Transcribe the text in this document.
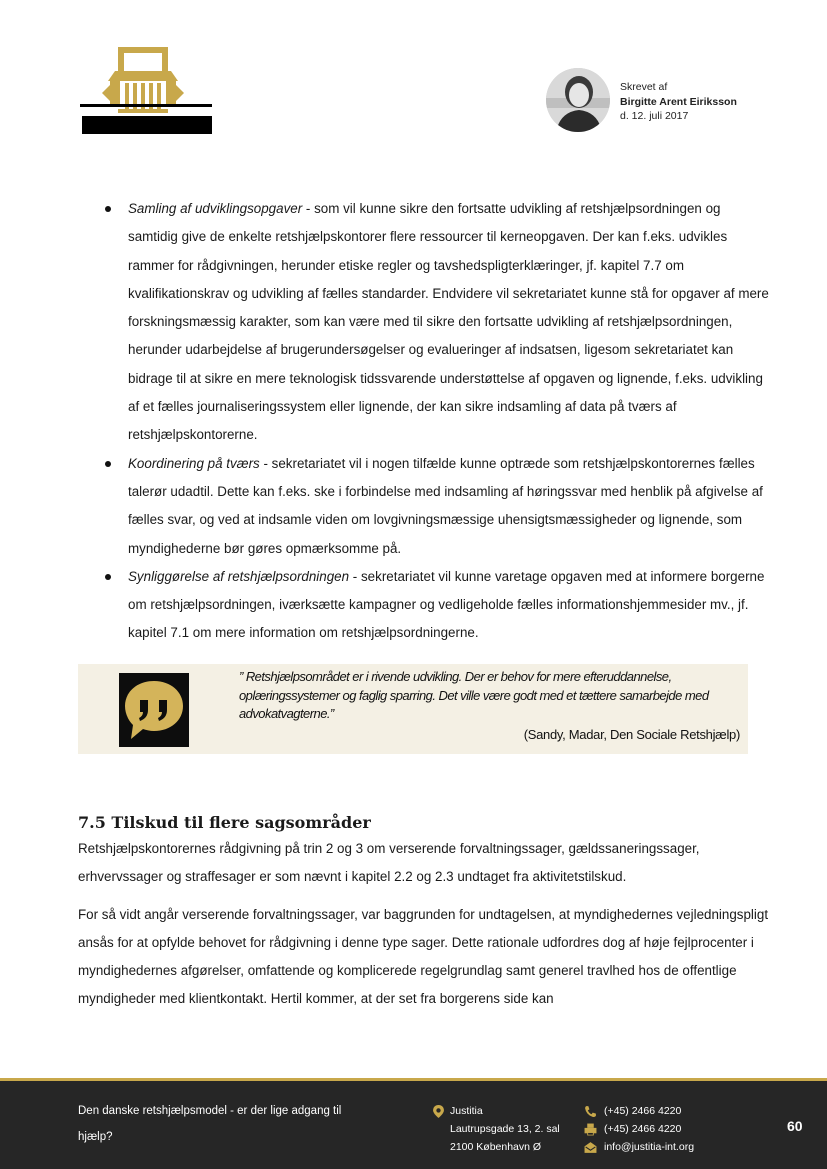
Skrevet af
Birgitte Arent Eiriksson
d. 12. juli 2017
Samling af udviklingsopgaver - som vil kunne sikre den fortsatte udvikling af retshjælpsordningen og samtidig give de enkelte retshjælpskontorer flere ressourcer til kerneopgaven. Der kan f.eks. udvikles rammer for rådgivningen, herunder etiske regler og tavshedspligterklæringer, jf. kapitel 7.7 om kvalifikationskrav og udvikling af fælles standarder. Endvidere vil sekretariatet kunne stå for opgaver af mere forskningsmæssig karakter, som kan være med til sikre den fortsatte udvikling af retshjælpsordningen, herunder udarbejdelse af brugerundersøgelser og evalueringer af indsatsen, ligesom sekretariatet kan bidrage til at sikre en mere teknologisk tidssvarende understøttelse af opgaven og lignende, f.eks. udvikling af et fælles journaliseringssystem eller lignende, der kan sikre indsamling af data på tværs af retshjælpskontorerne.
Koordinering på tværs - sekretariatet vil i nogen tilfælde kunne optræde som retshjælpskontorernes fælles talerør udadtil. Dette kan f.eks. ske i forbindelse med indsamling af høringssvar med henblik på afgivelse af fælles svar, og ved at indsamle viden om lovgivningsmæssige uhensigtsmæssigheder og lignende, som myndighederne bør gøres opmærksomme på.
Synliggørelse af retshjælpsordningen - sekretariatet vil kunne varetage opgaven med at informere borgerne om retshjælpsordningen, iværksætte kampagner og vedligeholde fælles informationshjemmesider mv., jf. kapitel 7.1 om mere information om retshjælpsordningerne.
” Retshjælpsområdet er i rivende udvikling. Der er behov for mere efteruddannelse, oplæringssystemer og faglig sparring. Det ville være godt med et tættere samarbejde med advokatvagterne.”
(Sandy, Madar, Den Sociale Retshjælp)
7.5 Tilskud til flere sagsområder

Retshjælpskontorernes rådgivning på trin 2 og 3 om verserende forvaltningssager, gældssaneringssager, erhvervssager og straffesager er som nævnt i kapitel 2.2 og 2.3 undtaget fra aktivitetstilskud.

For så vidt angår verserende forvaltningssager, var baggrunden for undtagelsen, at myndighedernes vejledningspligt ansås for at opfylde behovet for rådgivning i denne type sager. Dette rationale udfordres dog af høje fejlprocenter i myndighedernes afgørelser, omfattende og komplicerede regelgrundlag samt generel travlhed hos de offentlige myndigheder med klientkontakt. Hertil kommer, at der set fra borgerens side kan

Den danske retshjælpsmodel - er der lige adgang til hjælp?
Justitia
Lautrupsgade 13, 2. sal
2100 København Ø
(+45) 2466 4220
(+45) 2466 4220
info@justitia-int.org
60
